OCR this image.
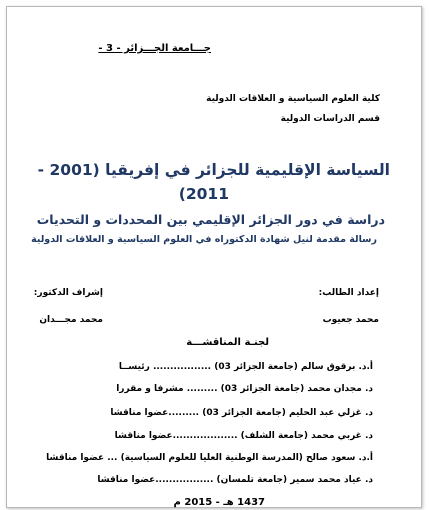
جـــامعة الجـــزائر - 3 -
كلية العلوم السياسية و العلاقات الدولية
قسم الدراسات الدولية
السياسة الإقليمية للجزائر في إفريقيا (2001 -
2011)
دراسة في دور الجزائر الإقليمي بين المحددات و التحديات
رسالة مقدمة لنيل شهادة الدكتوراه في العلوم السياسية و العلاقات الدولية
إعداد الطالب:
إشراف الدكتور:
محمد جعيوب
محمد مجـــدان
لجنـة المناقشـــة
أ.د. برقوق سالم (جامعة الجزائر 03) ................. رئيســا
د. مجدان محمد (جامعة الجزائر 03) ......... مشرفا و مقررا
د. غزلي عبد الحليم (جامعة الجزائر 03) .........عضوا مناقشا
د. غربي محمد (جامعة الشلف) ...................عضوا مناقشا
أ.د. سعود صالح (المدرسة الوطنية العليا للعلوم السياسية) ... عضوا مناقشا
د. عياد محمد سمير (جامعة تلمسان) .................عضوا مناقشا
1437 هـ - 2015 م
